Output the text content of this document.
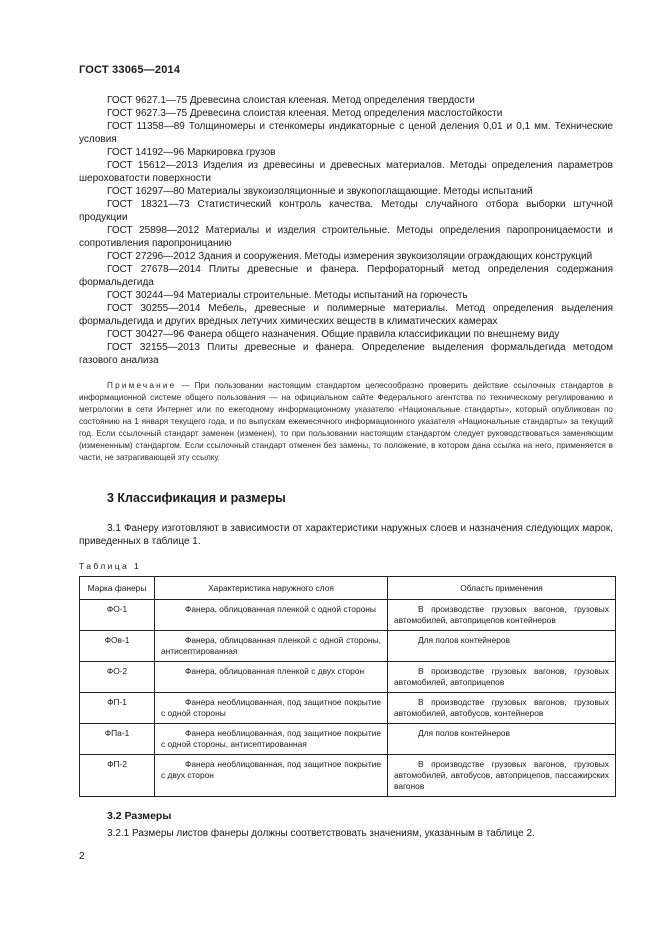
ГОСТ 33065—2014

ГОСТ 9627.1—75 Древесина слоистая клееная. Метод определения твердости

ГОСТ 9627.3—75 Древесина слоистая клееная. Метод определения маслостойкости

ГОСТ 11358—89 Толщиномеры и стенкомеры индикаторные с ценой деления 0,01 и 0,1 мм. Технические условия

ГОСТ 14192—96 Маркировка грузов

ГОСТ 15612—2013 Изделия из древесины и древесных материалов. Методы определения параметров шероховатости поверхности

ГОСТ 16297—80 Материалы звукоизоляционные и звукопоглащающие. Методы испытаний

ГОСТ 18321—73 Статистический контроль качества. Методы случайного отбора выборки штучной продукции

ГОСТ 25898—2012 Материалы и изделия строительные. Методы определения паропроницаемости и сопротивления паропроницанию

ГОСТ 27296—2012 Здания и сооружения. Методы измерения звукоизоляции ограждающих конструкций

ГОСТ 27678—2014 Плиты древесные и фанера. Перфораторный метод определения содержания формальдегида

ГОСТ 30244—94 Материалы строительные. Методы испытаний на горючесть

ГОСТ 30255—2014 Мебель, древесные и полимерные материалы. Метод определения выделения формальдегида и других вредных летучих химических веществ в климатических камерах

ГОСТ 30427—96 Фанера общего назначения. Общие правила классификации по внешнему виду

ГОСТ 32155—2013 Плиты древесные и фанера. Определение выделения формальдегида методом газового анализа

Примечание — При пользовании настоящим стандартом целесообразно проверить действие ссылочных стандартов в информационной системе общего пользования — на официальном сайте Федерального агентства по техническому регулированию и метрологии в сети Интернет или по ежегодному информационному указателю «Национальные стандарты», который опубликован по состоянию на 1 января текущего года, и по выпускам ежемесячного информационного указателя «Национальные стандарты» за текущий год. Если ссылочный стандарт заменен (изменен), то при пользовании настоящим стандартом следует руководствоваться заменяющим (измененным) стандартом. Если ссылочный стандарт отменен без замены, то положение, в котором дана ссылка на него, применяется в части, не затрагивающей эту ссылку.

3 Классификация и размеры

3.1 Фанеру изготовляют в зависимости от характеристики наружных слоев и назначения следующих марок, приведенных в таблице 1.

Таблица 1
Марка фанеры	Характеристика наружного слоя	Область применения
ФО-1	Фанера, облицованная пленкой с одной стороны	В производстве грузовых вагонов, грузовых автомобилей, автоприцепов контейнеров
ФОв-1	Фанера, облицованная пленкой с одной стороны, антисептированная	Для полов контейнеров
ФО-2	Фанера, облицованная пленкой с двух сторон	В производстве грузовых вагонов, грузовых автомобилей, автоприцепов
ФП-1	Фанера необлицованная, под защитное покрытие с одной стороны	В производстве грузовых вагонов, грузовых автомобилей, автобусов, контейнеров
ФПа-1	Фанера необлицованная, под защитное покрытие с одной стороны, антисептированная	Для полов контейнеров
ФП-2	Фанера необлицованная, под защитное покрытие с двух сторон	В производстве грузовых вагонов, грузовых автомобилей, автобусов, автоприцепов, пассажирских вагонов
3.2 Размеры
3.2.1 Размеры листов фанеры должны соответствовать значениям, указанным в таблице 2.
2
